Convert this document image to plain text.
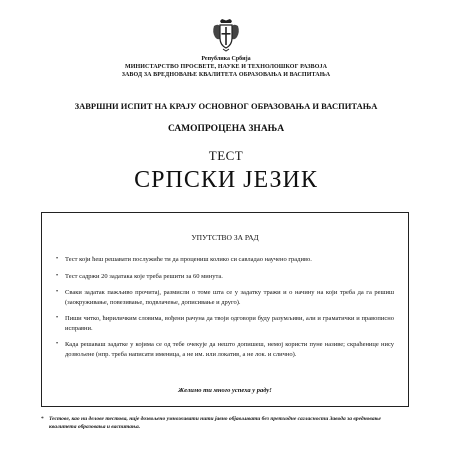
Република Србија
МИНИСТАРСТВО ПРОСВЕТЕ, НАУКЕ И ТЕХНОЛОШКОГ РАЗВОЈА
ЗАВОД ЗА ВРЕДНОВАЊЕ КВАЛИТЕТА ОБРАЗОВАЊА И ВАСПИТАЊА
ЗАВРШНИ ИСПИТ НА КРАЈУ ОСНОВНОГ ОБРАЗОВАЊА И ВАСПИТАЊА
САМОПРОЦЕНА ЗНАЊА
ТЕСТ
СРПСКИ ЈЕЗИК
УПУТСТВО ЗА РАД
• Тест који ћеш решавати послужиће ти да процениш колико си савладао научено градиво.
• Тест садржи 20 задатака које треба решити за 60 минута.
• Сваки задатак пажљиво прочитај, размисли о томе шта се у задатку тражи и о начину на који треба да га решиш (заокруживање, повезивање, подвлачење, дописивање и друго).
• Пиши читко, ћириличким словима, вођени рачуна да твоји одговори буду разумљиви, али и граматички и правописно исправни.
• Када решаваш задатке у којима се од тебе очекује да нешто допишеш, немој користи пуне називе; скраћенице нису дозвољене (нпр. треба написати именица, а не им. или локатив, а не лок. и слично).
Желимо ти много успеха у раду!
* Тестове, као ни делове тестова, није дозвољено умножавати нити јавно објављивати без претходне сагласности Завода за вредновање квалитета образовања и васпитања.
